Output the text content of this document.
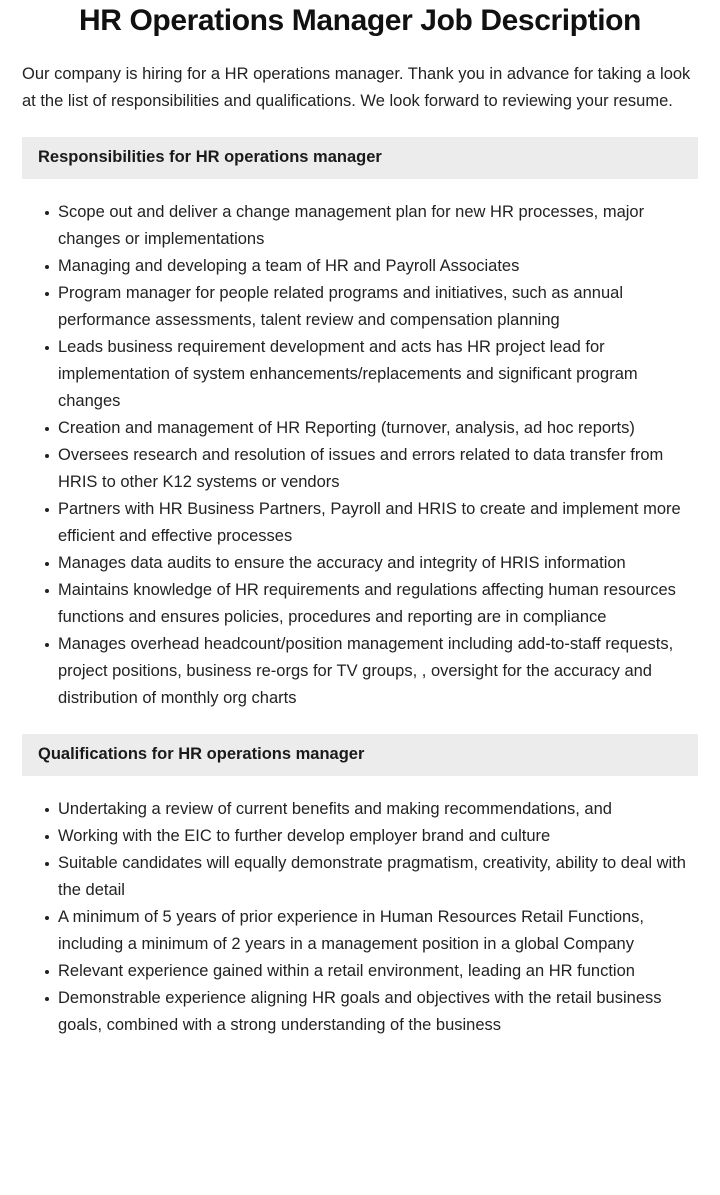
HR Operations Manager Job Description

Our company is hiring for a HR operations manager. Thank you in advance for taking a look at the list of responsibilities and qualifications. We look forward to reviewing your resume.

Responsibilities for HR operations manager
Scope out and deliver a change management plan for new HR processes, major changes or implementations
Managing and developing a team of HR and Payroll Associates
Program manager for people related programs and initiatives, such as annual performance assessments, talent review and compensation planning
Leads business requirement development and acts has HR project lead for implementation of system enhancements/replacements and significant program changes
Creation and management of HR Reporting (turnover, analysis, ad hoc reports)
Oversees research and resolution of issues and errors related to data transfer from HRIS to other K12 systems or vendors
Partners with HR Business Partners, Payroll and HRIS to create and implement more efficient and effective processes
Manages data audits to ensure the accuracy and integrity of HRIS information
Maintains knowledge of HR requirements and regulations affecting human resources functions and ensures policies, procedures and reporting are in compliance
Manages overhead headcount/position management including add-to-staff requests, project positions, business re-orgs for TV groups, , oversight for the accuracy and distribution of monthly org charts
Qualifications for HR operations manager
Undertaking a review of current benefits and making recommendations, and
Working with the EIC to further develop employer brand and culture
Suitable candidates will equally demonstrate pragmatism, creativity, ability to deal with the detail
A minimum of 5 years of prior experience in Human Resources Retail Functions, including a minimum of 2 years in a management position in a global Company
Relevant experience gained within a retail environment, leading an HR function
Demonstrable experience aligning HR goals and objectives with the retail business goals, combined with a strong understanding of the business
